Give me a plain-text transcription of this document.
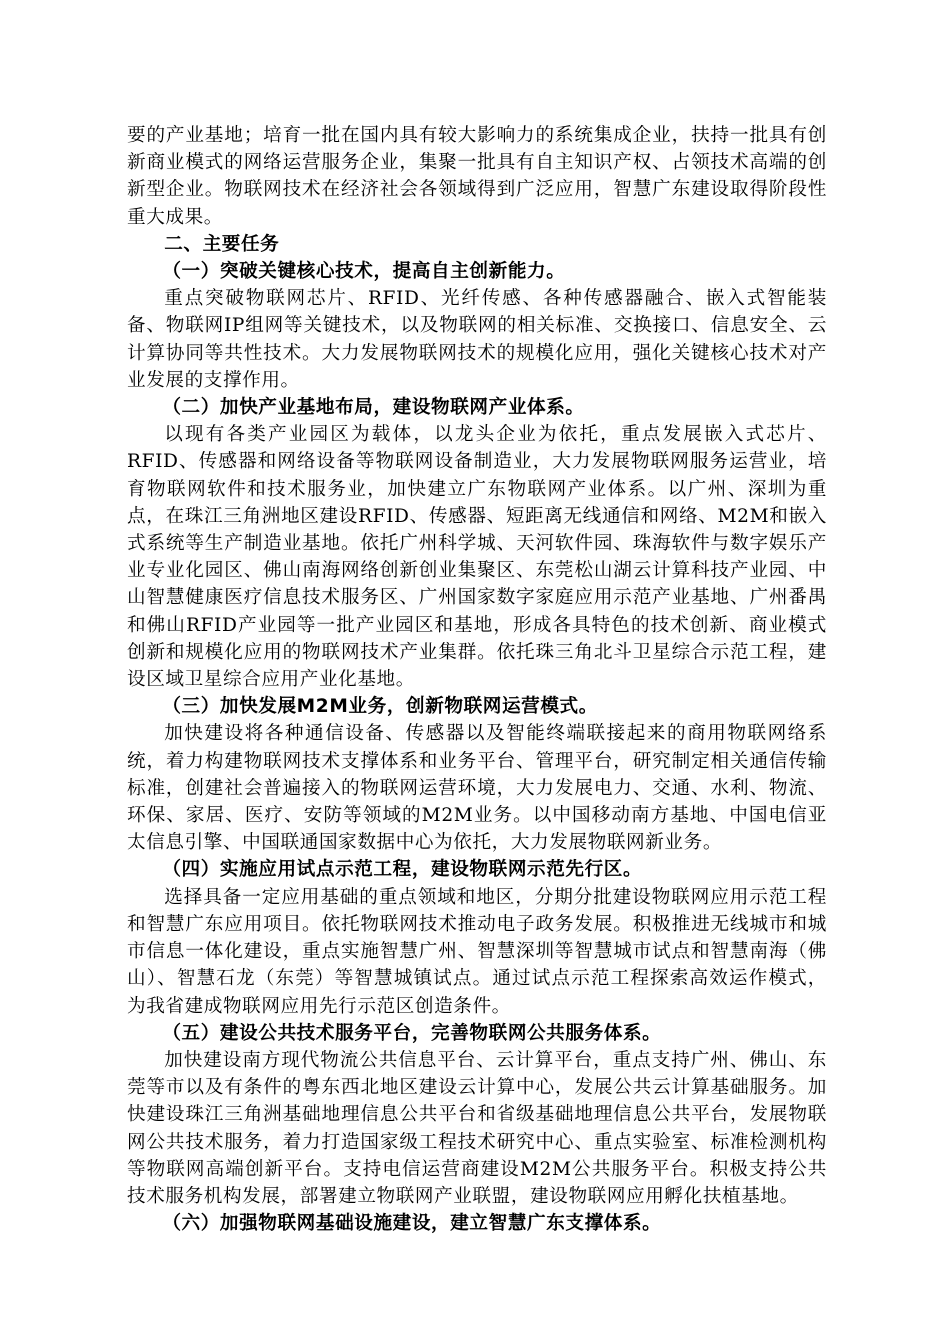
要的产业基地；培育一批在国内具有较大影响力的系统集成企业，扶持一批具有创新商业模式的网络运营服务企业，集聚一批具有自主知识产权、占领技术高端的创新型企业。物联网技术在经济社会各领域得到广泛应用，智慧广东建设取得阶段性重大成果。

二、主要任务

（一）突破关键核心技术，提高自主创新能力。

重点突破物联网芯片、RFID、光纤传感、各种传感器融合、嵌入式智能装备、物联网IP组网等关键技术，以及物联网的相关标准、交换接口、信息安全、云计算协同等共性技术。大力发展物联网技术的规模化应用，强化关键核心技术对产业发展的支撑作用。

（二）加快产业基地布局，建设物联网产业体系。

以现有各类产业园区为载体，以龙头企业为依托，重点发展嵌入式芯片、RFID、传感器和网络设备等物联网设备制造业，大力发展物联网服务运营业，培育物联网软件和技术服务业，加快建立广东物联网产业体系。以广州、深圳为重点，在珠江三角洲地区建设RFID、传感器、短距离无线通信和网络、M2M和嵌入式系统等生产制造业基地。依托广州科学城、天河软件园、珠海软件与数字娱乐产业专业化园区、佛山南海网络创新创业集聚区、东莞松山湖云计算科技产业园、中山智慧健康医疗信息技术服务区、广州国家数字家庭应用示范产业基地、广州番禺和佛山RFID产业园等一批产业园区和基地，形成各具特色的技术创新、商业模式创新和规模化应用的物联网技术产业集群。依托珠三角北斗卫星综合示范工程，建设区域卫星综合应用产业化基地。

（三）加快发展M2M业务，创新物联网运营模式。

加快建设将各种通信设备、传感器以及智能终端联接起来的商用物联网络系统，着力构建物联网技术支撑体系和业务平台、管理平台，研究制定相关通信传输标准，创建社会普遍接入的物联网运营环境，大力发展电力、交通、水利、物流、环保、家居、医疗、安防等领域的M2M业务。以中国移动南方基地、中国电信亚太信息引擎、中国联通国家数据中心为依托，大力发展物联网新业务。

（四）实施应用试点示范工程，建设物联网示范先行区。

选择具备一定应用基础的重点领域和地区，分期分批建设物联网应用示范工程和智慧广东应用项目。依托物联网技术推动电子政务发展。积极推进无线城市和城市信息一体化建设，重点实施智慧广州、智慧深圳等智慧城市试点和智慧南海（佛山）、智慧石龙（东莞）等智慧城镇试点。通过试点示范工程探索高效运作模式，为我省建成物联网应用先行示范区创造条件。

（五）建设公共技术服务平台，完善物联网公共服务体系。

加快建设南方现代物流公共信息平台、云计算平台，重点支持广州、佛山、东莞等市以及有条件的粤东西北地区建设云计算中心，发展公共云计算基础服务。加快建设珠江三角洲基础地理信息公共平台和省级基础地理信息公共平台，发展物联网公共技术服务，着力打造国家级工程技术研究中心、重点实验室、标准检测机构等物联网高端创新平台。支持电信运营商建设M2M公共服务平台。积极支持公共技术服务机构发展，部署建立物联网产业联盟，建设物联网应用孵化扶植基地。

（六）加强物联网基础设施建设，建立智慧广东支撑体系。
